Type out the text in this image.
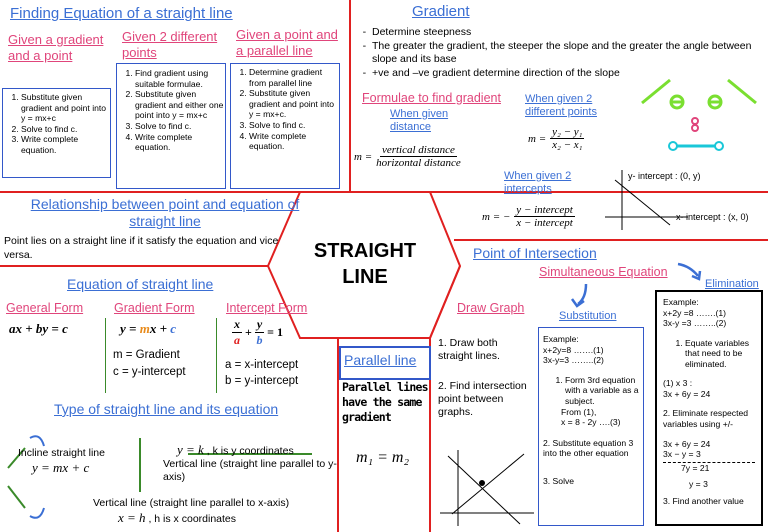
STRAIGHT
LINE
Finding Equation of a straight line
Given a gradient and a point
Given 2 different points
Given a point and a parallel line
1. Substitute given gradient and point into y = mx+c
2. Solve to find c.
3. Write complete equation.
1. Find gradient using suitable formulae.
2. Substitute given gradient and either one point into y = mx+c
3. Solve to find c.
4. Write complete equation.
1. Determine gradient from parallel line
2. Substitute given gradient and point into y = mx+c.
3. Solve to find c.
4. Write complete equation.
Gradient
- Determine steepness
- The greater the gradient, the steeper the slope and the greater the angle between slope and its base
- +ve and –ve gradient determine direction of the slope
Formulae to find gradient
When given distance
m =
vertical distance
horizontal distance
When given 2 different points
$m = \frac{\text{y₂ − y₁}}{\text{x₂ − x₁}}$
When given 2 intercepts
m = −
y − intercept
x − intercept
y- intercept : (0, y)
x- intercept : (x, 0)
Relationship between point and equation of straight line
Point lies on a straight line if it satisfy the equation and vice versa.
Equation of straight line
General Form
ax + by = c
Gradient Form
y = mx + c
m = Gradient
c = y-intercept
Intercept Form
x
a
+ $\frac{y}{b} = 1$
a = x-intercept
b = y-intercept
Type of straight line and its equation
Incline straight line
y = mx + c
y = k , k is y coordinates
Vertical line (straight line parallel to y-axis)
Vertical line (straight line parallel to x-axis)
x = h , h is x coordinates
Parallel line
Parallel lines have the same gradient
m₁ = m₂
Point of Intersection
Draw Graph
1. Draw both straight lines.
2. Find intersection point between graphs.
Simultaneous Equation
Substitution
Elimination
Example:
x+2y=8 …….(1)
3x-y=3 ……..(2)
1. Form 3rd equation with a variable as a subject.
From (1),
x = 8 - 2y ….(3)
2. Substitute equation 3 into the other equation
3. Solve
Example:
x+2y =8 …….(1)
3x-y =3 ……..(2)
1. Equate variables that need to be eliminated.
(1) x 3 :
3x + 6y = 24
2. Eliminate respected variables using +/-
3x + 6y = 24
3x − y = 3
7y = 21
y = 3
3. Find another value
